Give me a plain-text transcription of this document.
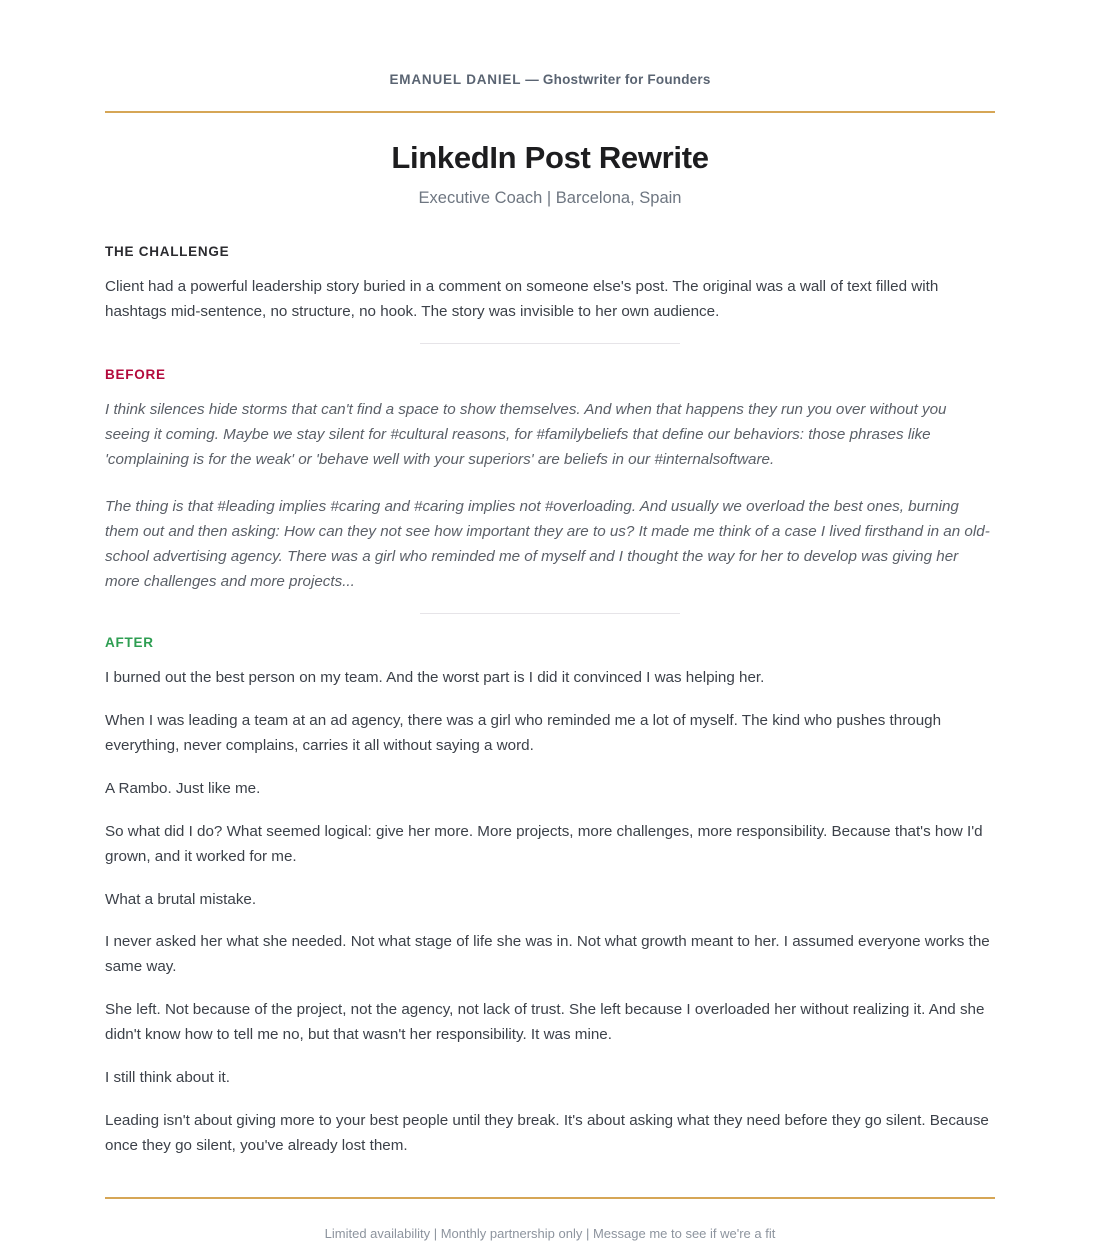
EMANUEL DANIEL — Ghostwriter for Founders
LinkedIn Post Rewrite

Executive Coach | Barcelona, Spain

THE CHALLENGE

Client had a powerful leadership story buried in a comment on someone else's post. The original was a wall of text filled with hashtags mid-sentence, no structure, no hook. The story was invisible to her own audience.

BEFORE

I think silences hide storms that can't find a space to show themselves. And when that happens they run you over without you seeing it coming. Maybe we stay silent for #cultural reasons, for #familybeliefs that define our behaviors: those phrases like 'complaining is for the weak' or 'behave well with your superiors' are beliefs in our #internalsoftware.

The thing is that #leading implies #caring and #caring implies not #overloading. And usually we overload the best ones, burning them out and then asking: How can they not see how important they are to us? It made me think of a case I lived firsthand in an old-school advertising agency. There was a girl who reminded me of myself and I thought the way for her to develop was giving her more challenges and more projects...

AFTER

I burned out the best person on my team. And the worst part is I did it convinced I was helping her.

When I was leading a team at an ad agency, there was a girl who reminded me a lot of myself. The kind who pushes through everything, never complains, carries it all without saying a word.

A Rambo. Just like me.

So what did I do? What seemed logical: give her more. More projects, more challenges, more responsibility. Because that's how I'd grown, and it worked for me.

What a brutal mistake.

I never asked her what she needed. Not what stage of life she was in. Not what growth meant to her. I assumed everyone works the same way.

She left. Not because of the project, not the agency, not lack of trust. She left because I overloaded her without realizing it. And she didn't know how to tell me no, but that wasn't her responsibility. It was mine.

I still think about it.

Leading isn't about giving more to your best people until they break. It's about asking what they need before they go silent. Because once they go silent, you've already lost them.

Limited availability | Monthly partnership only | Message me to see if we're a fit
